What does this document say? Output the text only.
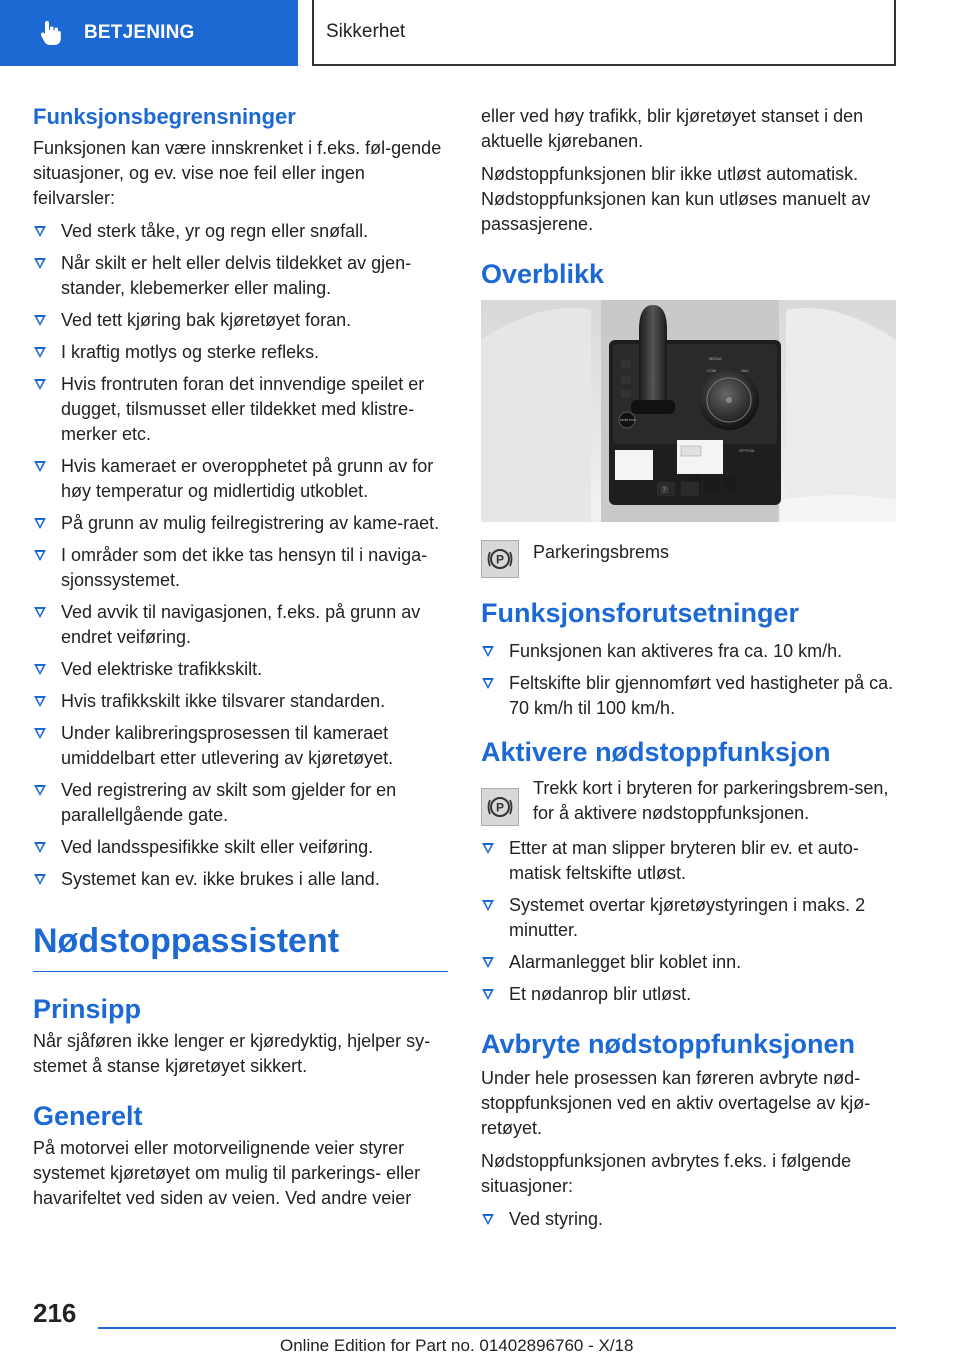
BETJENING	Sikkerhet
Funksjonsbegrensninger

Funksjonen kan være innskrenket i f.eks. føl-gende situasjoner, og ev. vise noe feil eller ingen feilvarsler:

Ved sterk tåke, yr og regn eller snøfall.
Når skilt er helt eller delvis tildekket av gjen-stander, klebemerker eller maling.
Ved tett kjøring bak kjøretøyet foran.
I kraftig motlys og sterke refleks.
Hvis frontruten foran det innvendige speilet er dugget, tilsmusset eller tildekket med klistre-merker etc.
Hvis kameraet er overopphetet på grunn av for høy temperatur og midlertidig utkoblet.
På grunn av mulig feilregistrering av kame-raet.
I områder som det ikke tas hensyn til i naviga-sjonssystemet.
Ved avvik til navigasjonen, f.eks. på grunn av endret veiføring.
Ved elektriske trafikkskilt.
Hvis trafikkskilt ikke tilsvarer standarden.
Under kalibreringsprosessen til kameraet umiddelbart etter utlevering av kjøretøyet.
Ved registrering av skilt som gjelder for en parallellgående gate.
Ved landsspesifikke skilt eller veiføring.
Systemet kan ev. ikke brukes i alle land.
Nødstoppassistent
Prinsipp

Når sjåføren ikke lenger er kjøredyktig, hjelper sy-stemet å stanse kjøretøyet sikkert.

Generelt

På motorvei eller motorveilignende veier styrer systemet kjøretøyet om mulig til parkerings- eller havarifeltet ved siden av veien. Ved andre veier

eller ved høy trafikk, blir kjøretøyet stanset i den aktuelle kjørebanen.

Nødstoppfunksjonen blir ikke utløst automatisk. Nødstoppfunksjonen kan kun utløses manuelt av passasjerene.

Overblikk
MEDIA
COM	NAV
OPTION
START STOP
Ⓟ
P Parkeringsbrems

Funksjonsforutsetninger
Funksjonen kan aktiveres fra ca. 10 km/h.
Feltskifte blir gjennomført ved hastigheter på ca. 70 km/h til 100 km/h.
Aktivere nødstoppfunksjon
P

Trekk kort i bryteren for parkeringsbrem-sen, for å aktivere nødstoppfunksjonen.

Etter at man slipper bryteren blir ev. et auto-matisk feltskifte utløst.
Systemet overtar kjøretøystyringen i maks. 2 minutter.
Alarmanlegget blir koblet inn.
Et nødanrop blir utløst.
Avbryte nødstoppfunksjonen

Under hele prosessen kan føreren avbryte nød-stoppfunksjonen ved en aktiv overtagelse av kjø-retøyet.

Nødstoppfunksjonen avbrytes f.eks. i følgende situasjoner:

Ved styring.
216
Online Edition for Part no. 01402896760 - X/18
